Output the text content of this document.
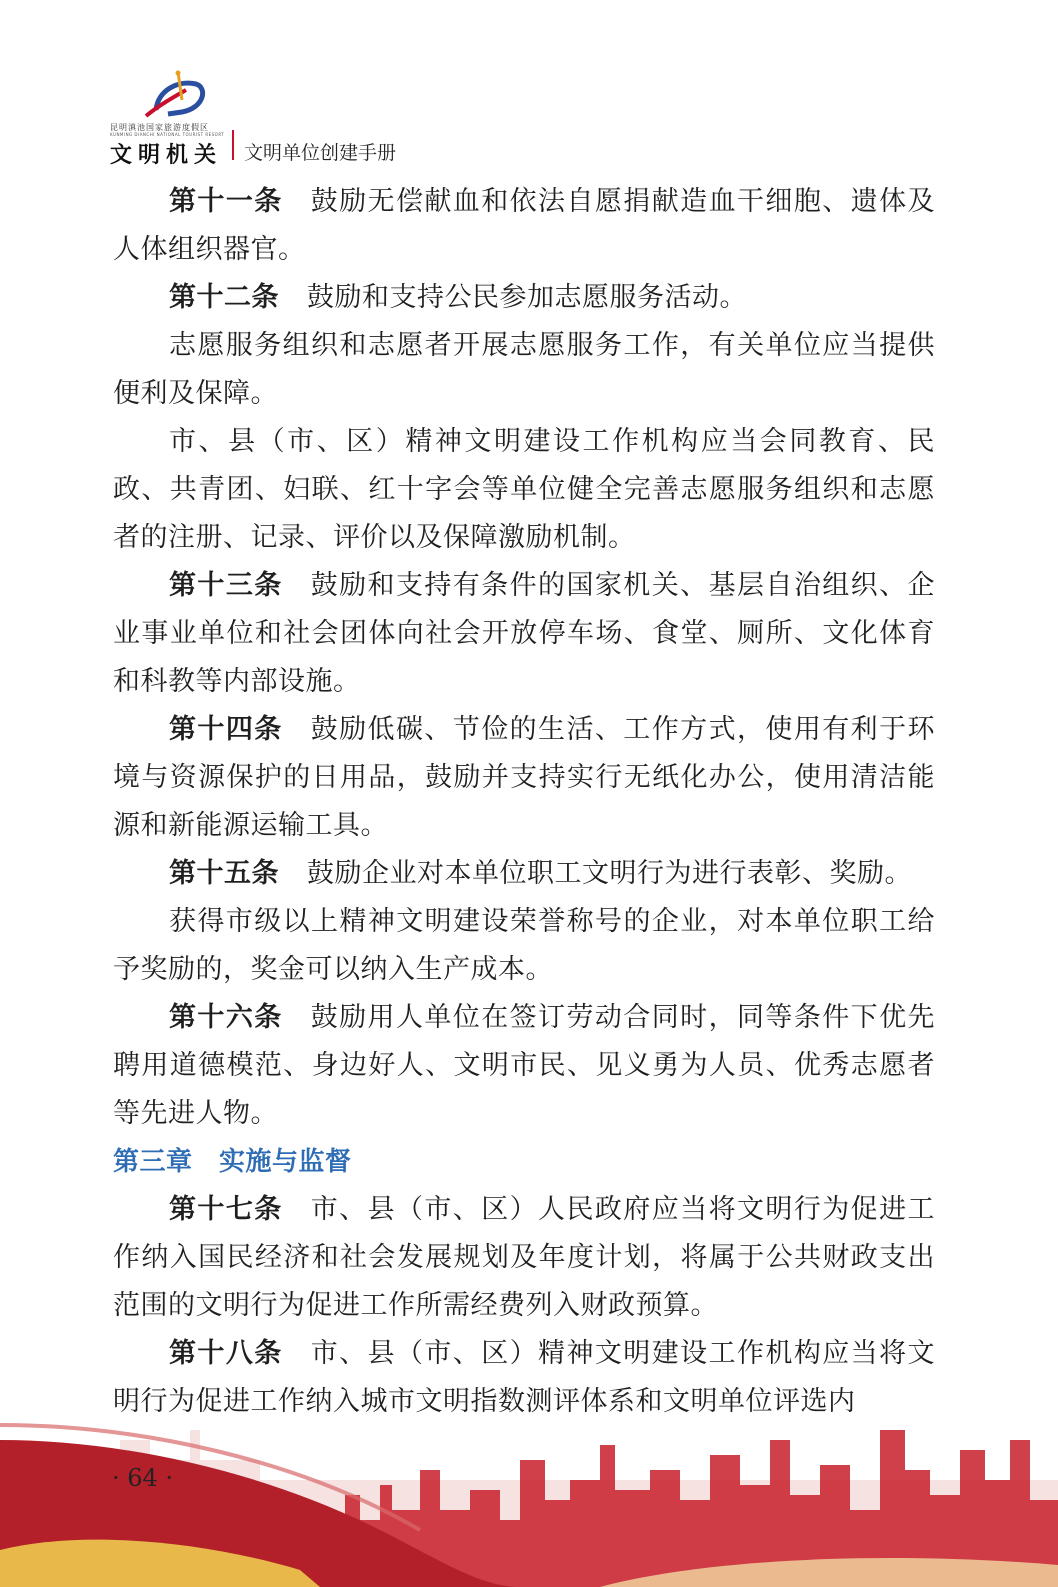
昆明滇池国家旅游度假区
KUNMING DIANCHI NATIONAL TOURIST RESORT
文明机关 文明单位创建手册

第十一条 鼓励无偿献血和依法自愿捐献造血干细胞、遗体及人体组织器官。

第十二条 鼓励和支持公民参加志愿服务活动。

志愿服务组织和志愿者开展志愿服务工作，有关单位应当提供便利及保障。

市、县（市、区）精神文明建设工作机构应当会同教育、民政、共青团、妇联、红十字会等单位健全完善志愿服务组织和志愿者的注册、记录、评价以及保障激励机制。

第十三条 鼓励和支持有条件的国家机关、基层自治组织、企业事业单位和社会团体向社会开放停车场、食堂、厕所、文化体育和科教等内部设施。

第十四条 鼓励低碳、节俭的生活、工作方式，使用有利于环境与资源保护的日用品，鼓励并支持实行无纸化办公，使用清洁能源和新能源运输工具。

第十五条 鼓励企业对本单位职工文明行为进行表彰、奖励。

获得市级以上精神文明建设荣誉称号的企业，对本单位职工给予奖励的，奖金可以纳入生产成本。

第十六条 鼓励用人单位在签订劳动合同时，同等条件下优先聘用道德模范、身边好人、文明市民、见义勇为人员、优秀志愿者等先进人物。

第三章　实施与监督

第十七条 市、县（市、区）人民政府应当将文明行为促进工作纳入国民经济和社会发展规划及年度计划，将属于公共财政支出范围的文明行为促进工作所需经费列入财政预算。

第十八条 市、县（市、区）精神文明建设工作机构应当将文明行为促进工作纳入城市文明指数测评体系和文明单位评选内

· 64 ·
